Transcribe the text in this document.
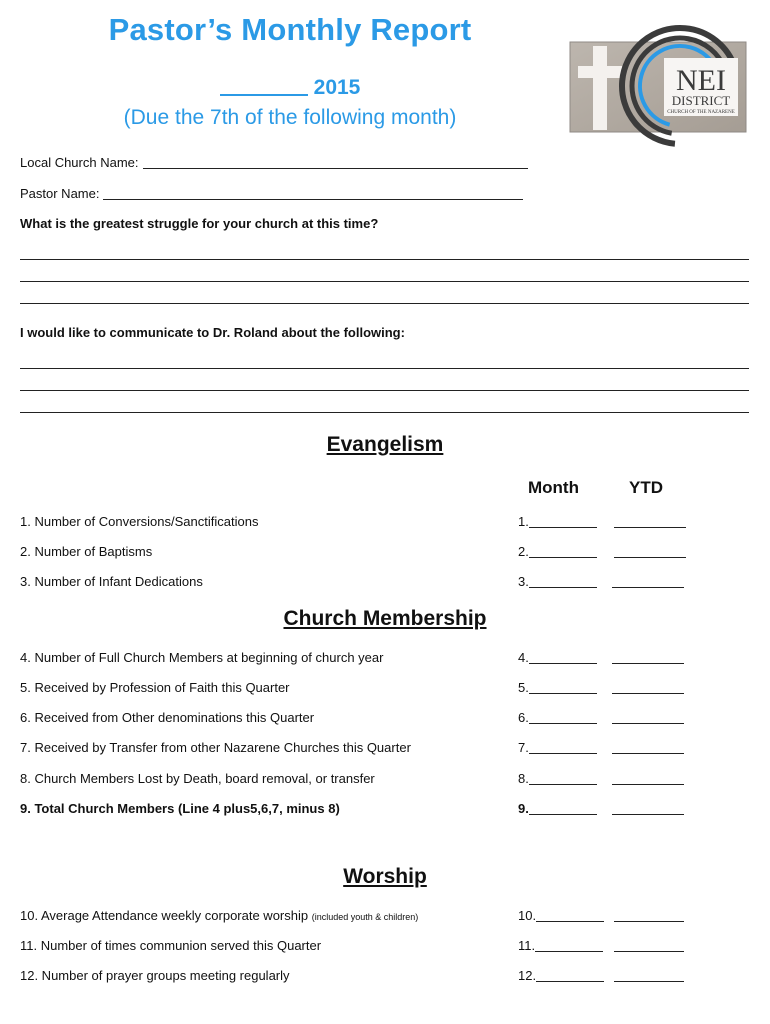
Pastor’s Monthly Report
2015
(Due the 7th of the following month)
NEI
DISTRICT
CHURCH OF THE NAZARENE
Local Church Name:
Pastor Name:
What is the greatest struggle for your church at this time?
I would like to communicate to Dr. Roland about the following:
Evangelism
Month	YTD
1. Number of Conversions/Sanctifications	1.
2. Number of Baptisms	2.
3. Number of Infant Dedications	3.
Church Membership
4. Number of Full Church Members at beginning of church year	4.
5. Received by Profession of Faith this Quarter	5.
6. Received from Other denominations this Quarter	6.
7. Received by Transfer from other Nazarene Churches this Quarter	7.
8. Church Members Lost by Death, board removal, or transfer	8.
9. Total Church Members (Line 4 plus5,6,7, minus 8)	9.
Worship
10. Average Attendance weekly corporate worship (included youth & children)	10.
11. Number of times communion served this Quarter	11.
12. Number of prayer groups meeting regularly	12.
